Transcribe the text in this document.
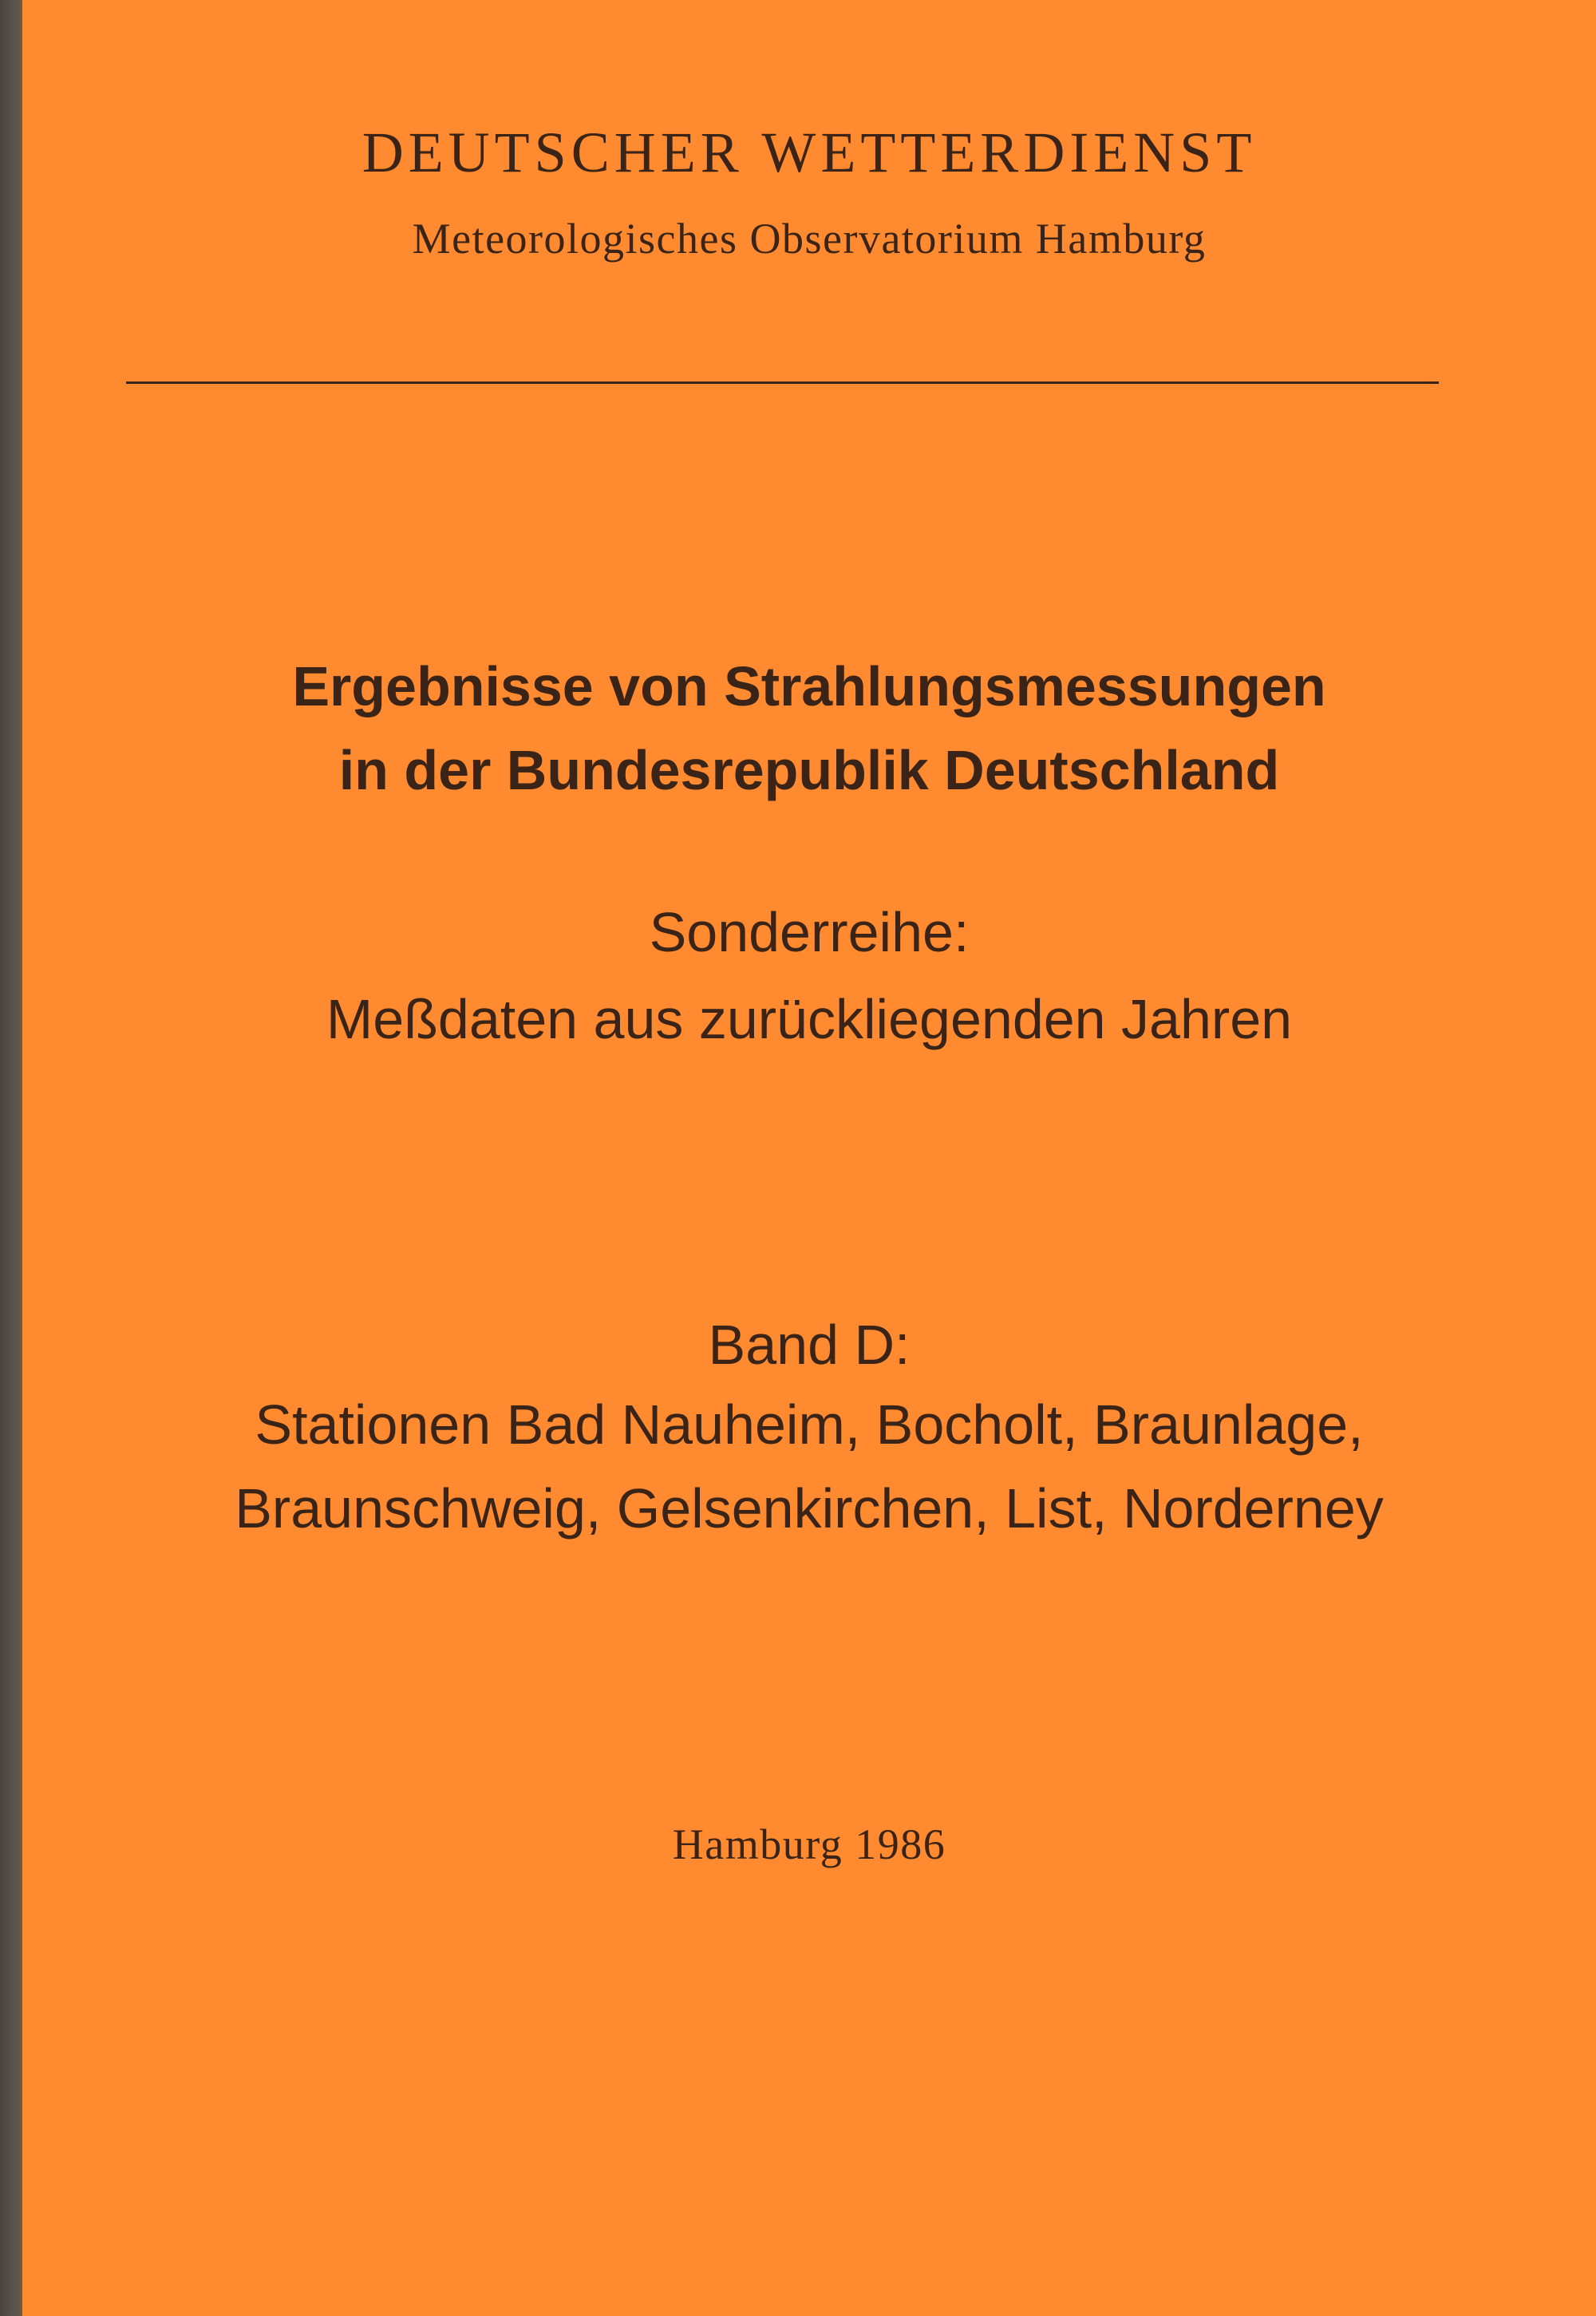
DEUTSCHER WETTERDIENST
Meteorologisches Observatorium Hamburg
Ergebnisse von Strahlungsmessungen
in der Bundesrepublik Deutschland
Sonderreihe:
Meßdaten aus zurückliegenden Jahren
Band D:
Stationen Bad Nauheim, Bocholt, Braunlage,
Braunschweig, Gelsenkirchen, List, Norderney
Hamburg 1986
